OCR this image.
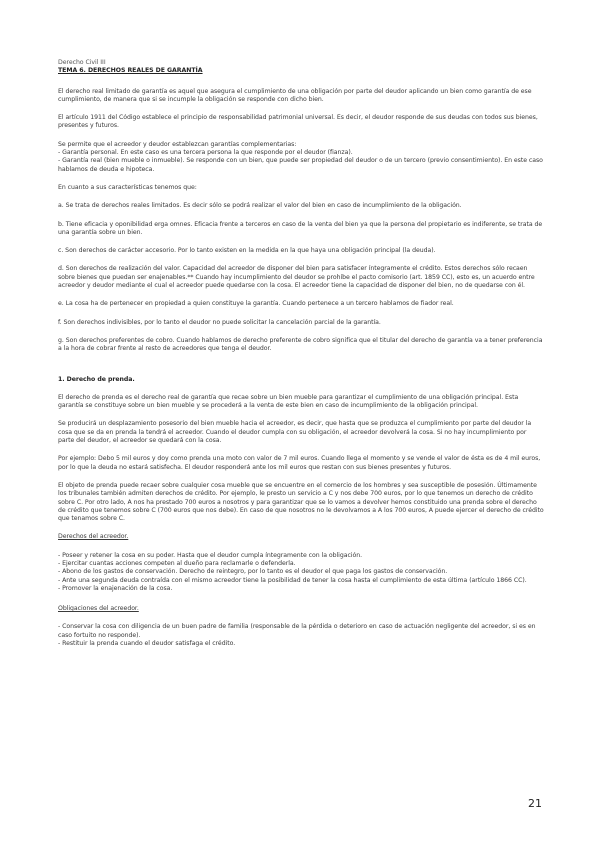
Derecho Civil III

TEMA 6. DERECHOS REALES DE GARANTÍA

El derecho real limitado de garantía es aquel que asegura el cumplimiento de una obligación por parte del deudor aplicando un bien como garantía de ese cumplimiento, de manera que si se incumple la obligación se responde con dicho bien.

El artículo 1911 del Código establece el principio de responsabilidad patrimonial universal. Es decir, el deudor responde de sus deudas con todos sus bienes, presentes y futuros.

Se permite que el acreedor y deudor establezcan garantías complementarias:

- Garantía personal. En este caso es una tercera persona la que responde por el deudor (fianza).

- Garantía real (bien mueble o inmueble). Se responde con un bien, que puede ser propiedad del deudor o de un tercero (previo consentimiento). En este caso hablamos de deuda e hipoteca.

En cuanto a sus características tenemos que:

a. Se trata de derechos reales limitados. Es decir sólo se podrá realizar el valor del bien en caso de incumplimiento de la obligación.

b. Tiene eficacia y oponibilidad erga omnes. Eficacia frente a terceros en caso de la venta del bien ya que la persona del propietario es indiferente, se trata de una garantía sobre un bien.

c. Son derechos de carácter accesorio. Por lo tanto existen en la medida en la que haya una obligación principal (la deuda).

d. Son derechos de realización del valor. Capacidad del acreedor de disponer del bien para satisfacer íntegramente el crédito. Estos derechos sólo recaen sobre bienes que puedan ser enajenables.** Cuando hay incumplimiento del deudor se prohíbe el pacto comisorio (art. 1859 CC), esto es, un acuerdo entre acreedor y deudor mediante el cual el acreedor puede quedarse con la cosa. El acreedor tiene la capacidad de disponer del bien, no de quedarse con él.

e. La cosa ha de pertenecer en propiedad a quien constituye la garantía. Cuando pertenece a un tercero hablamos de fiador real.

f. Son derechos indivisibles, por lo tanto el deudor no puede solicitar la cancelación parcial de la garantía.

g. Son derechos preferentes de cobro. Cuando hablamos de derecho preferente de cobro significa que el titular del derecho de garantía va a tener preferencia a la hora de cobrar frente al resto de acreedores que tenga el deudor.

1. Derecho de prenda.

El derecho de prenda es el derecho real de garantía que recae sobre un bien mueble para garantizar el cumplimiento de una obligación principal. Esta garantía se constituye sobre un bien mueble y se procederá a la venta de este bien en caso de incumplimiento de la obligación principal.

Se producirá un desplazamiento posesorio del bien mueble hacia el acreedor, es decir, que hasta que se produzca el cumplimiento por parte del deudor la cosa que se da en prenda la tendrá el acreedor. Cuando el deudor cumpla con su obligación, el acreedor devolverá la cosa. Si no hay incumplimiento por parte del deudor, el acreedor se quedará con la cosa.

Por ejemplo: Debo 5 mil euros y doy como prenda una moto con valor de 7 mil euros. Cuando llega el momento y se vende el valor de ésta es de 4 mil euros, por lo que la deuda no estará satisfecha. El deudor responderá ante los mil euros que restan con sus bienes presentes y futuros.

El objeto de prenda puede recaer sobre cualquier cosa mueble que se encuentre en el comercio de los hombres y sea susceptible de posesión. Últimamente los tribunales también admiten derechos de crédito. Por ejemplo, le presto un servicio a C y nos debe 700 euros, por lo que tenemos un derecho de crédito sobre C. Por otro lado, A nos ha prestado 700 euros a nosotros y para garantizar que se lo vamos a devolver hemos constituido una prenda sobre el derecho de crédito que tenemos sobre C (700 euros que nos debe). En caso de que nosotros no le devolvamos a A los 700 euros, A puede ejercer el derecho de crédito que tenamos sobre C.

Derechos del acreedor.

- Poseer y retener la cosa en su poder. Hasta que el deudor cumpla íntegramente con la obligación.

- Ejercitar cuantas acciones competen al dueño para reclamarle o defenderla.

- Abono de los gastos de conservación. Derecho de reintegro, por lo tanto es el deudor el que paga los gastos de conservación.

- Ante una segunda deuda contraída con el mismo acreedor tiene la posibilidad de tener la cosa hasta el cumplimiento de esta última (artículo 1866 CC).

- Promover la enajenación de la cosa.

Obligaciones del acreedor.

- Conservar la cosa con diligencia de un buen padre de familia (responsable de la pérdida o deterioro en caso de actuación negligente del acreedor, si es en caso fortuito no responde).

- Restituir la prenda cuando el deudor satisfaga el crédito.

21
